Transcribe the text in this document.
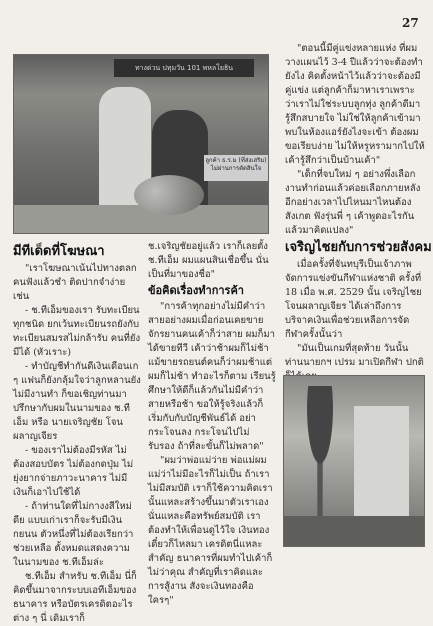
27
ทางด่วน ปทุมวัน 101 พหลโยธิน
ลูกค้า ธ.ร.ม (ที่ส่งเสริม) ไม่ผ่านการตัดสินใจ

"ตอนนี้มีคู่แข่งหลายแห่ง ที่ผมวางแผนไว้ 3-4 ปีแล้วว่าจะต้องทำยังไง คิดตั้งหน้าไว้แล้วว่าจะต้องมีคู่แข่ง แต่ลูกค้าก็มาหาเราเพราะว่าเราไม่ใช่ระบบลูกทุ่ง ลูกค้าดีมารู้สึกสบายใจ ไม่ใช่ให้ลูกค้าเข้ามาพบในห้องแอร์ยังไงจะเข้า ต้องผมขอเรียบง่าย ไม่ให้หรูหรามากไปให้เค้ารู้สึกว่าเป็นบ้านเค้า"

"เด็กที่จบใหม่ ๆ อย่างพึ่งเลือกงานทำก่อนแล้วค่อยเลือกภายหลัง อีกอย่างเวลาไปไหนมาไหนต้องสังเกต ฟังรุ่นพี่ ๆ เค้าพูดอะไรกันแล้วมาคิดแปลง"

เจริญไชยกับการช่วยสังคม

เมื่อครั้งที่จันทบุรีเป็นเจ้าภาพจัดการแข่งขันกีฬาแห่งชาติ ครั้งที่ 18 เมื่อ พ.ศ. 2529 นั้น เจริญไชย โจนผลาญเจียร ได้เล่าถึงการบริจาคเงินเพื่อช่วยเหลือการจัดกีฬาครั้งนั้นว่า

"มันเป็นเกมที่สุดท้าย วันนั้นท่านนายกฯ เปรม มาเปิดกีฬา ปกติ

มีทีเด็ดที่โฆษณา

"เราโฆษณาเน้นไปทางตลก คนฟังแล้วชำ ติดปากจำง่าย เช่น

- ช.ทีเอ็มของเรา รับทะเบียนทุกชนิด ยกเว้นทะเบียนรถยังกับทะเบียนสมรสไม่กล้ารับ คนที่ยังมีได้ (หัวเราะ)

- ทำบัญชีทำกันดีเงินเดือนเก ๆ แฟนก็ยังกลุ้มใจว่าลูกหลานยังไม่มีงานทำ ก็ขอเชิญท่านมาปรึกษากับผมในนามของ ช.ทีเอ็ม หรือ นายเจริญชัย โจนผลาญเจียร

- ของเราไม่ต้องมีรหัส ไม่ต้องสอบบัตร ไม่ต้องกดปุ่ม ไม่ยุ่งยากจ่ายภาวะนาคาร ไม่มีเงินก็เอาไปใช้ได้

- ถ้าท่านใดที่ไม่กางงสีใหม่ดีย แบบเก่าเราก็จะรับมีเงินกยนน ตัวหนึ่งที่ไม่ต้องเรียกว่าช่วยเหลือ ตั้งหมดแสดงความในนามของ ช.ทีเอ็มล่ะ

ช.ทีเอ็ม สำหรับ ช.ทีเอ็ม นี่ก็คิดขึ้นมาจากระบบเอทีเอ็มของธนาคาร หรือบัตรเครดิตอะไรต่าง ๆ นี่ เดิมเราก็

ช.เจริญชัยอยู่แล้ว เราก็เลยตั้ง ช.ทีเอ็ม ผมแผนสินเชื่อขึ้น นั่นเป็นที่มาของชื่อ"

ข้อคิดเรื่องทำการค้า

"การค้าทุกอย่างไม่มีคำว่าสายอย่างผมเมื่อก่อนเคยขายจักรยานคนเค้าก็ว่าสาย ผมก็มาได้ขายทีวี เค้าว่าช้าผมก็ไม่ช้า แม้ขายรถยนต์คนก็ว่าผมช้าแต่ผมก็ไม่ช้า ทำอะไรก็ตาม เรียนรู้ศึกษาให้ดีก็แล้วกันไม่มีคำว่าสายหรือช้า ขอให้รู้จริงแล้วก็เริ่มกับกับบัญชีพันธ์ได้ อย่ากระโจนลง กระโจนไปไม่รับรอง ถ้าที่ละขั้นก็ไม่พลาด"

"ผมว่าพ่อแม่ว่าย พ่อแม่ผมแม่ว่าไม่มีอะไรก็ไม่เป็น ถ้าเราไม่มีสมบัติ เราก็ใช้ความคิดเรานั้นแหละสร้างขึ้นมาตัวเราเองนั่นแหละคือทรัพย์สมบัติ เราต้องทำให้เพื่อนดูไว้ใจ เงินทองเดี๋ยวก็ไหลมา เครดิตนี่แหละสำคัญ ธนาคารที่ผมทำไปเค้าก็ไม่ว่าคุณ สำคัญที่เราคิดและการสู้งาน สังจะเงินทองคือใครๆ"
